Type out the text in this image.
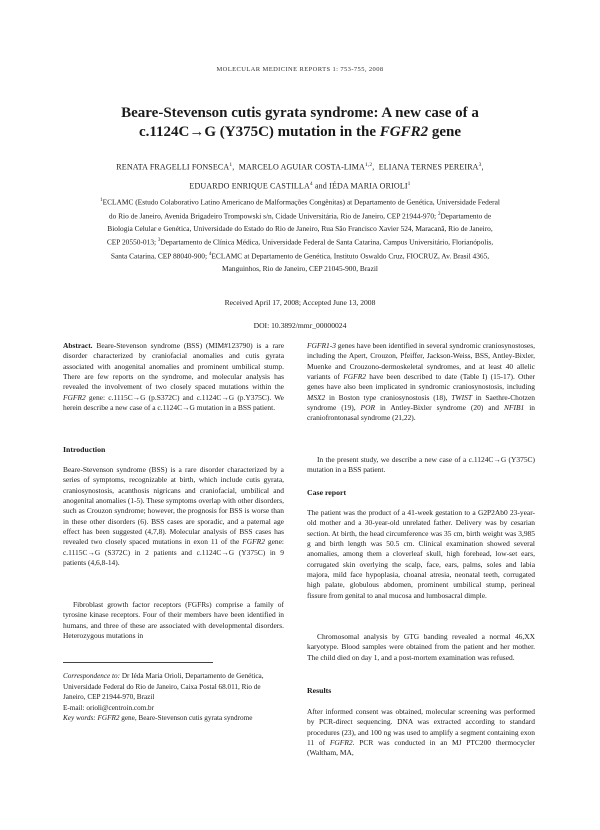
MOLECULAR MEDICINE REPORTS 1: 753-755, 2008
Beare-Stevenson cutis gyrata syndrome: A new case of a
c.1124C→G (Y375C) mutation in the FGFR2 gene
RENATA FRAGELLI FONSECA$^1$,  MARCELO AGUIAR COSTA-LIMA$^{1,2}$,  ELIANA TERNES PEREIRA$^3$,
EDUARDO ENRIQUE CASTILLA$^4$ and IÉDA MARIA ORIOLI$^1$
$^1$ECLAMC (Estudo Colaborativo Latino Americano de Malformações Congênitas) at Departamento de Genética, Universidade Federal do Rio de Janeiro, Avenida Brigadeiro Trompowski s/n, Cidade Universitária, Rio de Janeiro, CEP 21944-970; $^2$Departamento de Biologia Celular e Genética, Universidade do Estado do Rio de Janeiro, Rua São Francisco Xavier 524, Maracanã, Rio de Janeiro, CEP 20550-013; $^3$Departamento de Clínica Médica, Universidade Federal de Santa Catarina, Campus Universitário, Florianópolis, Santa Catarina, CEP 88040-900; $^4$ECLAMC at Departamento de Genética, Instituto Oswaldo Cruz, FIOCRUZ, Av. Brasil 4365, Manguinhos, Rio de Janeiro, CEP 21045-900, Brazil
Received April 17, 2008; Accepted June 13, 2008
DOI: 10.3892/mmr_00000024

Abstract. Beare-Stevenson syndrome (BSS) (MIM#123790) is a rare disorder characterized by craniofacial anomalies and cutis gyrata associated with anogenital anomalies and prominent umbilical stump. There are few reports on the syndrome, and molecular analysis has revealed the involvement of two closely spaced mutations within the FGFR2 gene: c.1115C→G (p.S372C) and c.1124C→G (p.Y375C). We herein describe a new case of a c.1124C→G mutation in a BSS patient.

Introduction

Beare-Stevenson syndrome (BSS) is a rare disorder characterized by a series of symptoms, recognizable at birth, which include cutis gyrata, craniosynostosis, acanthosis nigricans and craniofacial, umbilical and anogenital anomalies (1-5). These symptoms overlap with other disorders, such as Crouzon syndrome; however, the prognosis for BSS is worse than in these other disorders (6). BSS cases are sporadic, and a paternal age effect has been suggested (4,7,8). Molecular analysis of BSS cases has revealed two closely spaced mutations in exon 11 of the FGFR2 gene: c.1115C→G (S372C) in 2 patients and c.1124C→G (Y375C) in 9 patients (4,6,8-14).

Fibroblast growth factor receptors (FGFRs) comprise a family of tyrosine kinase receptors. Four of their members have been identified in humans, and three of these are associated with developmental disorders. Heterozygous mutations in

Correspondence to: Dr Iéda Maria Orioli, Departamento de Genética, Universidade Federal do Rio de Janeiro, Caixa Postal 68.011, Rio de Janeiro, CEP 21944-970, Brazil
E-mail: orioli@centroin.com.br
Key words: FGFR2 gene, Beare-Stevenson cutis gyrata syndrome

FGFR1-3 genes have been identified in several syndromic craniosynostoses, including the Apert, Crouzon, Pfeiffer, Jackson-Weiss, BSS, Antley-Bixler, Muenke and Crouzono-dermoskeletal syndromes, and at least 40 allelic variants of FGFR2 have been described to date (Table I) (15-17). Other genes have also been implicated in syndromic craniosynostosis, including MSX2 in Boston type craniosynostosis (18), TWIST in Saethre-Chotzen syndrome (19), POR in Antley-Bixler syndrome (20) and NFIB1 in craniofrontonasal syndrome (21,22).

In the present study, we describe a new case of a c.1124C→G (Y375C) mutation in a BSS patient.

Case report

The patient was the product of a 41-week gestation to a G2P2Ab0 23-year-old mother and a 30-year-old unrelated father. Delivery was by cesarian section. At birth, the head circumference was 35 cm, birth weight was 3,985 g and birth length was 50.5 cm. Clinical examination showed several anomalies, among them a cloverleaf skull, high forehead, low-set ears, corrugated skin overlying the scalp, face, ears, palms, soles and labia majora, mild face hypoplasia, choanal atresia, neonatal teeth, corrugated high palate, globulous abdomen, prominent umbilical stump, perineal fissure from genital to anal mucosa and lumbosacral dimple.

Chromosomal analysis by GTG banding revealed a normal 46,XX karyotype. Blood samples were obtained from the patient and her mother. The child died on day 1, and a post-mortem examination was refused.

Results

After informed consent was obtained, molecular screening was performed by PCR-direct sequencing. DNA was extracted according to standard procedures (23), and 100 ng was used to amplify a segment containing exon 11 of FGFR2. PCR was conducted in an MJ PTC200 thermocycler (Waltham, MA,
